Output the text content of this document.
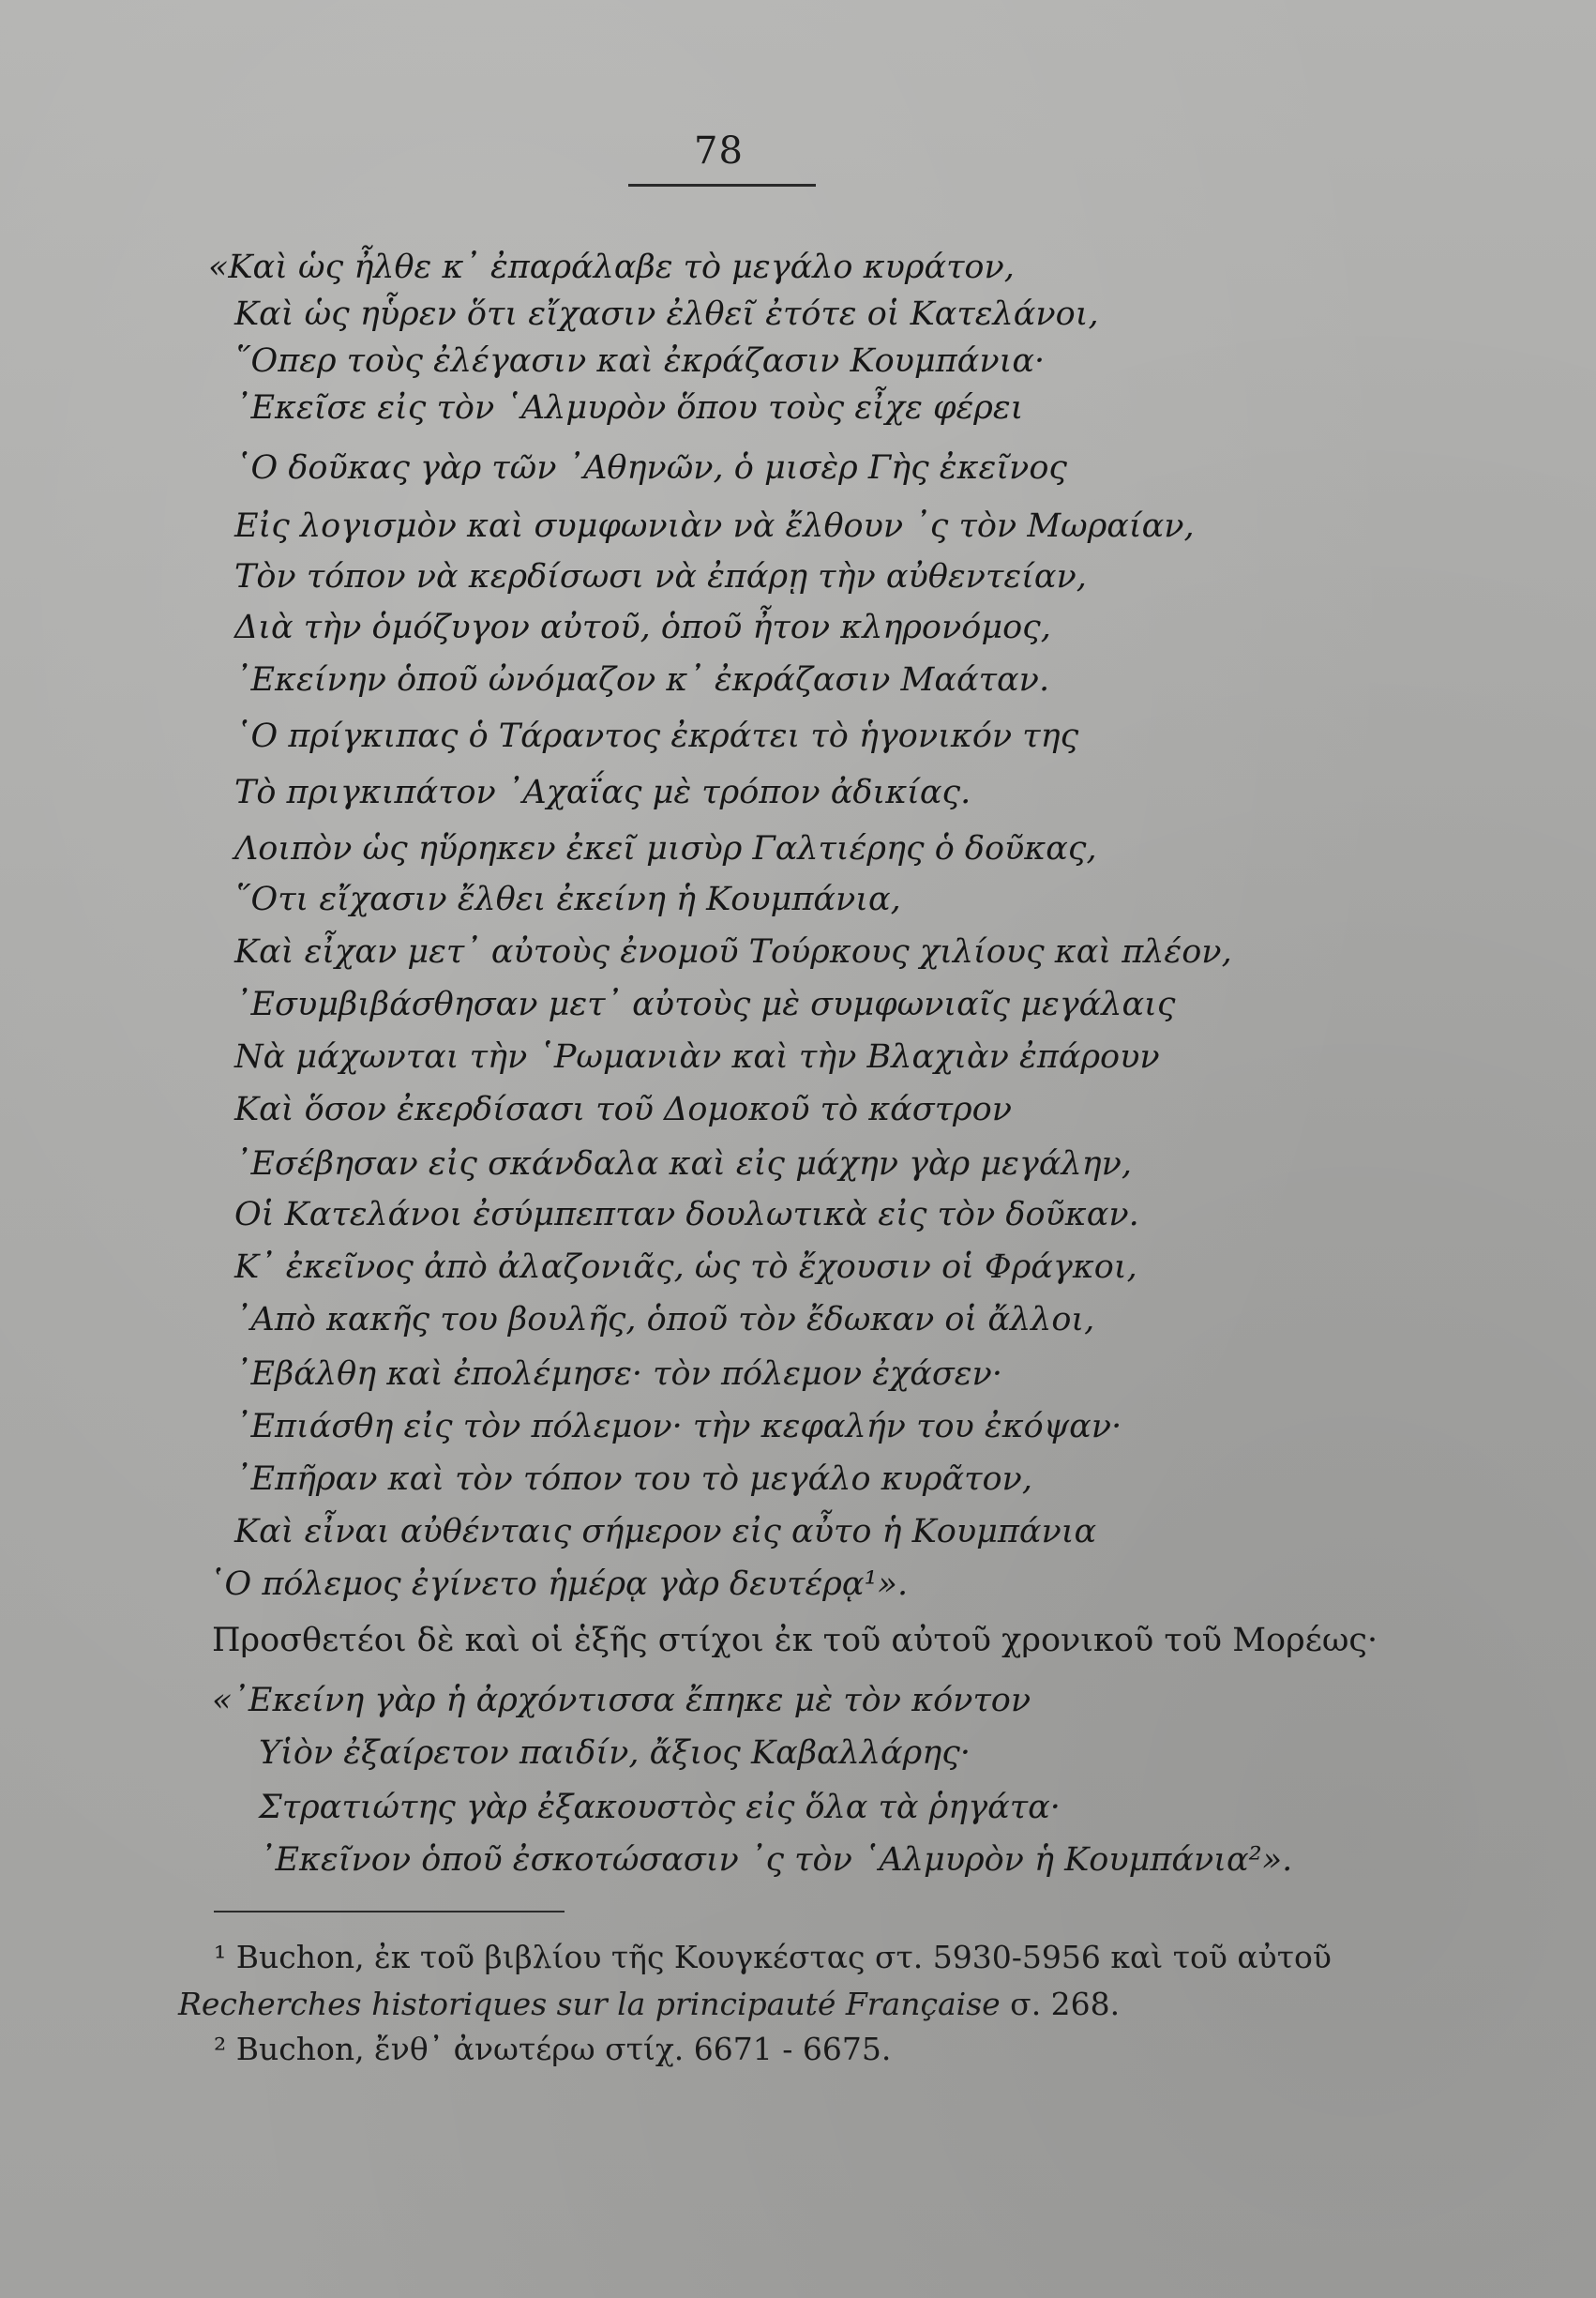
78
«Καὶ ὡς ἦλθε κ᾽ ἐπαράλαβε τὸ μεγάλο κυράτον,
Καὶ ὡς ηὗρεν ὅτι εἴχασιν ἐλθεῖ ἐτότε οἱ Κατελάνοι,
῞Οπερ τοὺς ἐλέγασιν καὶ ἐκράζασιν Κουμπάνια·
᾽Εκεῖσε εἰς τὸν ῾Αλμυρὸν ὅπου τοὺς εἶχε φέρει
῾Ο δοῦκας γὰρ τῶν ᾽Αθηνῶν, ὁ μισὲρ Γὴς ἐκεῖνος
Εἰς λογισμὸν καὶ συμφωνιὰν νὰ ἔλθουν ᾽ς τὸν Μωραίαν,
Τὸν τόπον νὰ κερδίσωσι νὰ ἐπάρῃ τὴν αὐθεντείαν,
Διὰ τὴν ὁμόζυγον αὐτοῦ, ὁποῦ ἦτον κληρονόμος,
᾽Εκείνην ὁποῦ ὠνόμαζον κ᾽ ἐκράζασιν Μαάταν.
῾Ο πρίγκιπας ὁ Τάραντος ἐκράτει τὸ ἡγονικόν της
Τὸ πριγκιπάτον ᾽Αχαΐας μὲ τρόπον ἀδικίας.
Λοιπὸν ὡς ηὕρηκεν ἐκεῖ μισὺρ Γαλτιέρης ὁ δοῦκας,
῞Οτι εἴχασιν ἔλθει ἐκείνη ἡ Κουμπάνια,
Καὶ εἶχαν μετ᾽ αὐτοὺς ἐνομοῦ Τούρκους χιλίους καὶ πλέον,
᾽Εσυμβιβάσθησαν μετ᾽ αὐτοὺς μὲ συμφωνιαῖς μεγάλαις
Νὰ μάχωνται τὴν ῾Ρωμανιὰν καὶ τὴν Βλαχιὰν ἐπάρουν
Καὶ ὅσον ἐκερδίσασι τοῦ Δομοκοῦ τὸ κάστρον
᾽Εσέβησαν εἰς σκάνδαλα καὶ εἰς μάχην γὰρ μεγάλην,
Οἱ Κατελάνοι ἐσύμπεπταν δουλωτικὰ εἰς τὸν δοῦκαν.
Κ᾽ ἐκεῖνος ἀπὸ ἀλαζονιᾶς, ὡς τὸ ἔχουσιν οἱ Φράγκοι,
᾽Απὸ κακῆς του βουλῆς, ὁποῦ τὸν ἔδωκαν οἱ ἄλλοι,
᾽Εβάλθη καὶ ἐπολέμησε· τὸν πόλεμον ἐχάσεν·
᾽Επιάσθη εἰς τὸν πόλεμον· τὴν κεφαλήν του ἐκόψαν·
᾽Επῆραν καὶ τὸν τόπον του τὸ μεγάλο κυρᾶτον,
Καὶ εἶναι αὐθένταις σήμερον εἰς αὖτο ἡ Κουμπάνια
῾Ο πόλεμος ἐγίνετο ἡμέρᾳ γὰρ δευτέρᾳ¹».
Προσθετέοι δὲ καὶ οἱ ἑξῆς στίχοι ἐκ τοῦ αὐτοῦ χρονικοῦ τοῦ Μορέως·
«᾽Εκείνη γὰρ ἡ ἀρχόντισσα ἔπηκε μὲ τὸν κόντον
Υἱὸν ἐξαίρετον παιδίν, ἄξιος Καβαλλάρης·
Στρατιώτης γὰρ ἐξακουστὸς εἰς ὅλα τὰ ῥηγάτα·
᾽Εκεῖνον ὁποῦ ἐσκοτώσασιν ᾽ς τὸν ῾Αλμυρὸν ἡ Κουμπάνια²».
¹ Buchon, ἐκ τοῦ βιβλίου τῆς Κουγκέστας στ. 5930-5956 καὶ τοῦ αὐτοῦ
Recherches historiques sur la principauté Française σ. 268.
² Buchon, ἔνθ᾽ ἀνωτέρω στίχ. 6671 - 6675.
